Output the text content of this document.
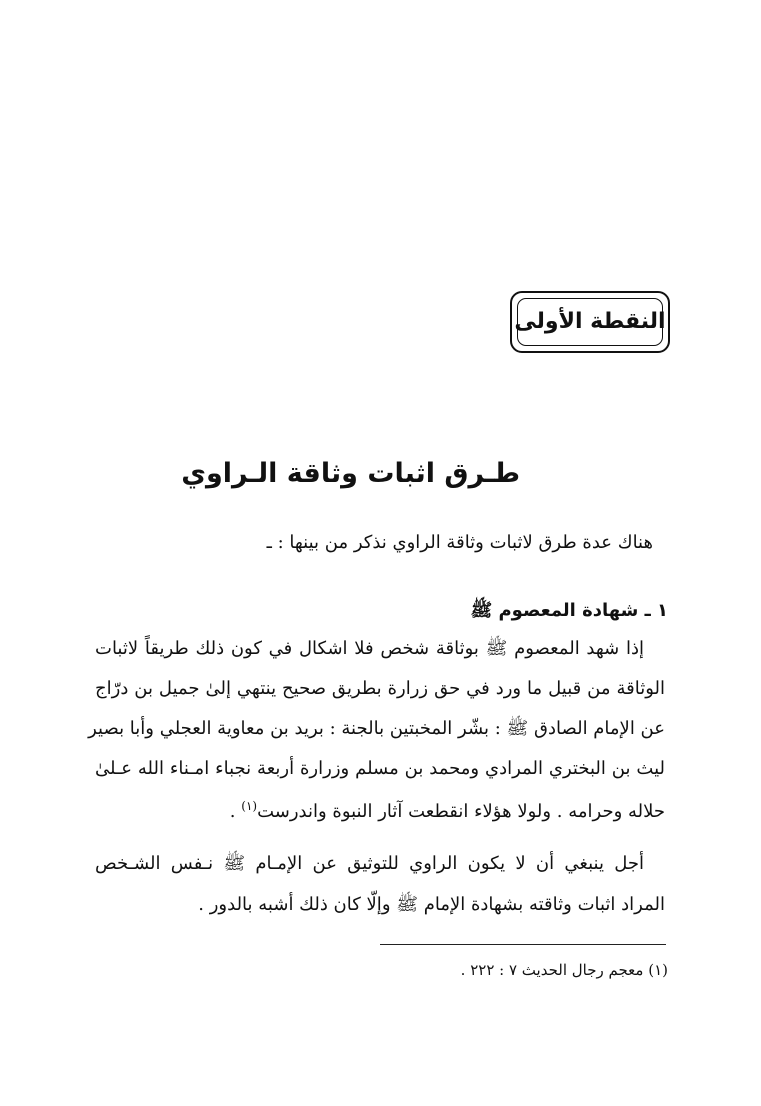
النقطة الأولى
طـرق اثبات وثاقة الـراوي
هناك عدة طرق لاثبات وثاقة الراوي نذكر من بينها : ـ
١ ـ شهادة المعصوم ﷺ
إذا شهد المعصوم ﷺ بوثاقة شخص فلا اشكال في كون ذلك طريقاً لاثبات
الوثاقة من قبيل ما ورد في حق زرارة بطريق صحيح ينتهي إلىٰ جميل بن درّاج
عن الإمام الصادق ﷺ : بشّر المخبتين بالجنة : بريد بن معاوية العجلي وأبا بصير
ليث بن البختري المرادي ومحمد بن مسلم وزرارة أربعة نجباء امـناء الله عـلىٰ
حلاله وحرامه . ولولا هؤلاء انقطعت آثار النبوة واندرست$^{(١)}$ .
أجل ينبغي أن لا يكون الراوي للتوثيق عن الإمـام ﷺ نـفس الشـخص
المراد اثبات وثاقته بشهادة الإمام ﷺ وإلّا كان ذلك أشبه بالدور .
(١) معجم رجال الحديث ٧ : ٢٢٢ .
